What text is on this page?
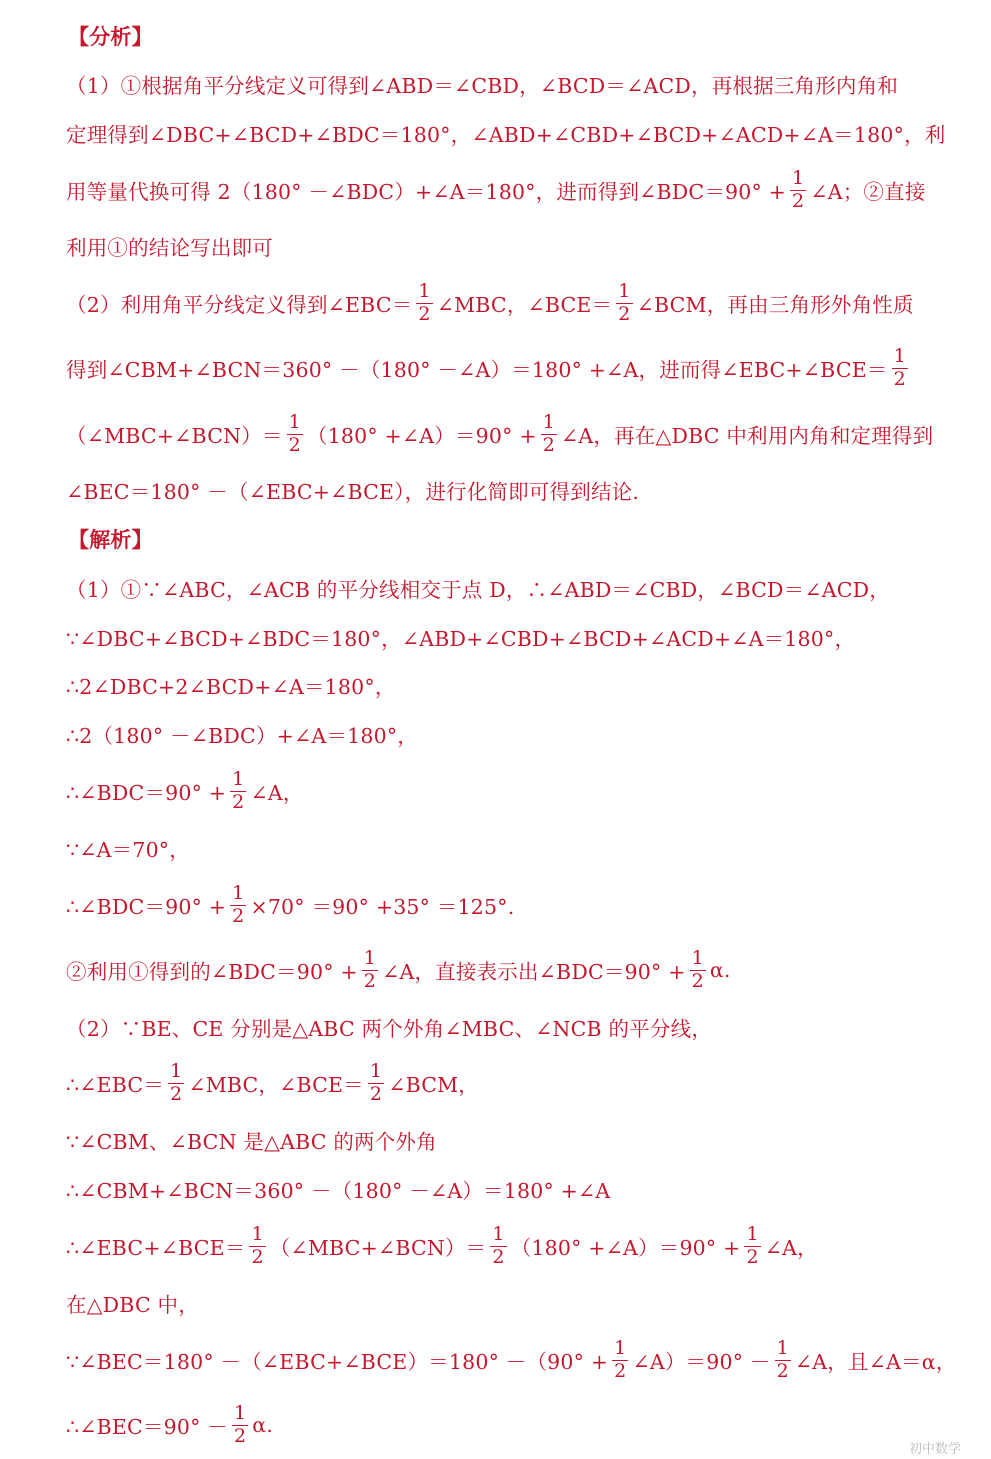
【分析】
（1）①根据角平分线定义可得到∠ABD＝∠CBD，∠BCD＝∠ACD，再根据三角形内角和
定理得到∠DBC+∠BCD+∠BDC＝180°，∠ABD+∠CBD+∠BCD+∠ACD+∠A＝180°，利
用等量代换可得 2（180° －∠BDC）+∠A＝180°，进而得到∠BDC＝90° + $\frac{1}{2}$ ∠A；②直接
利用①的结论写出即可
（2）利用角平分线定义得到∠EBC＝ $\frac{1}{2}$ ∠MBC，∠BCE＝ $\frac{1}{2}$ ∠BCM，再由三角形外角性质
得到∠CBM+∠BCN＝360° －（180° －∠A）＝180° +∠A，进而得∠EBC+∠BCE＝ $\frac{1}{2}$
（∠MBC+∠BCN）＝ $\frac{1}{2} (180^\circ$ +∠A）＝90° + $\frac{1}{2}$ ∠A，再在△DBC 中利用内角和定理得到
∠BEC＝180° －（∠EBC+∠BCE），进行化简即可得到结论.
【解析】
（1）①∵∠ABC，∠ACB 的平分线相交于点 D，∴∠ABD＝∠CBD，∠BCD＝∠ACD，
∵∠DBC+∠BCD+∠BDC＝180°，∠ABD+∠CBD+∠BCD+∠ACD+∠A＝180°，
∴2∠DBC+2∠BCD+∠A＝180°，
∴2（180° －∠BDC）+∠A＝180°，
∴∠BDC＝90° + $\frac{1}{2}$ ∠A，
∵∠A＝70°，
∴∠BDC＝90° + $\frac{1}{2} \times 70^\circ =90^\circ +35^\circ =125^\circ$.
②利用①得到的∠BDC＝90° + $\frac{1}{2}$ ∠A，直接表示出∠BDC＝90° + $\frac{1}{2} \alpha$.
（2）∵BE、CE 分别是△ABC 两个外角∠MBC、∠NCB 的平分线，
∴∠EBC＝ $\frac{1}{2}$ ∠MBC，∠BCE＝ $\frac{1}{2}$ ∠BCM，
∵∠CBM、∠BCN 是△ABC 的两个外角
∴∠CBM+∠BCN＝360° －（180° －∠A）＝180° +∠A
∴∠EBC+∠BCE＝ $\frac{1}{2}$ （∠MBC+∠BCN）＝ $\frac{1}{2} (180^\circ$ +∠A）＝90° + $\frac{1}{2}$ ∠A，
在△DBC 中，
∵∠BEC＝180° －（∠EBC+∠BCE）＝180° $-(90^\circ + \frac{1}{2}$ ∠A）＝90° － $\frac{1}{2}$ ∠A，且∠A＝α，
∴∠BEC＝90° － $\frac{1}{2} \alpha$.
初中数学
